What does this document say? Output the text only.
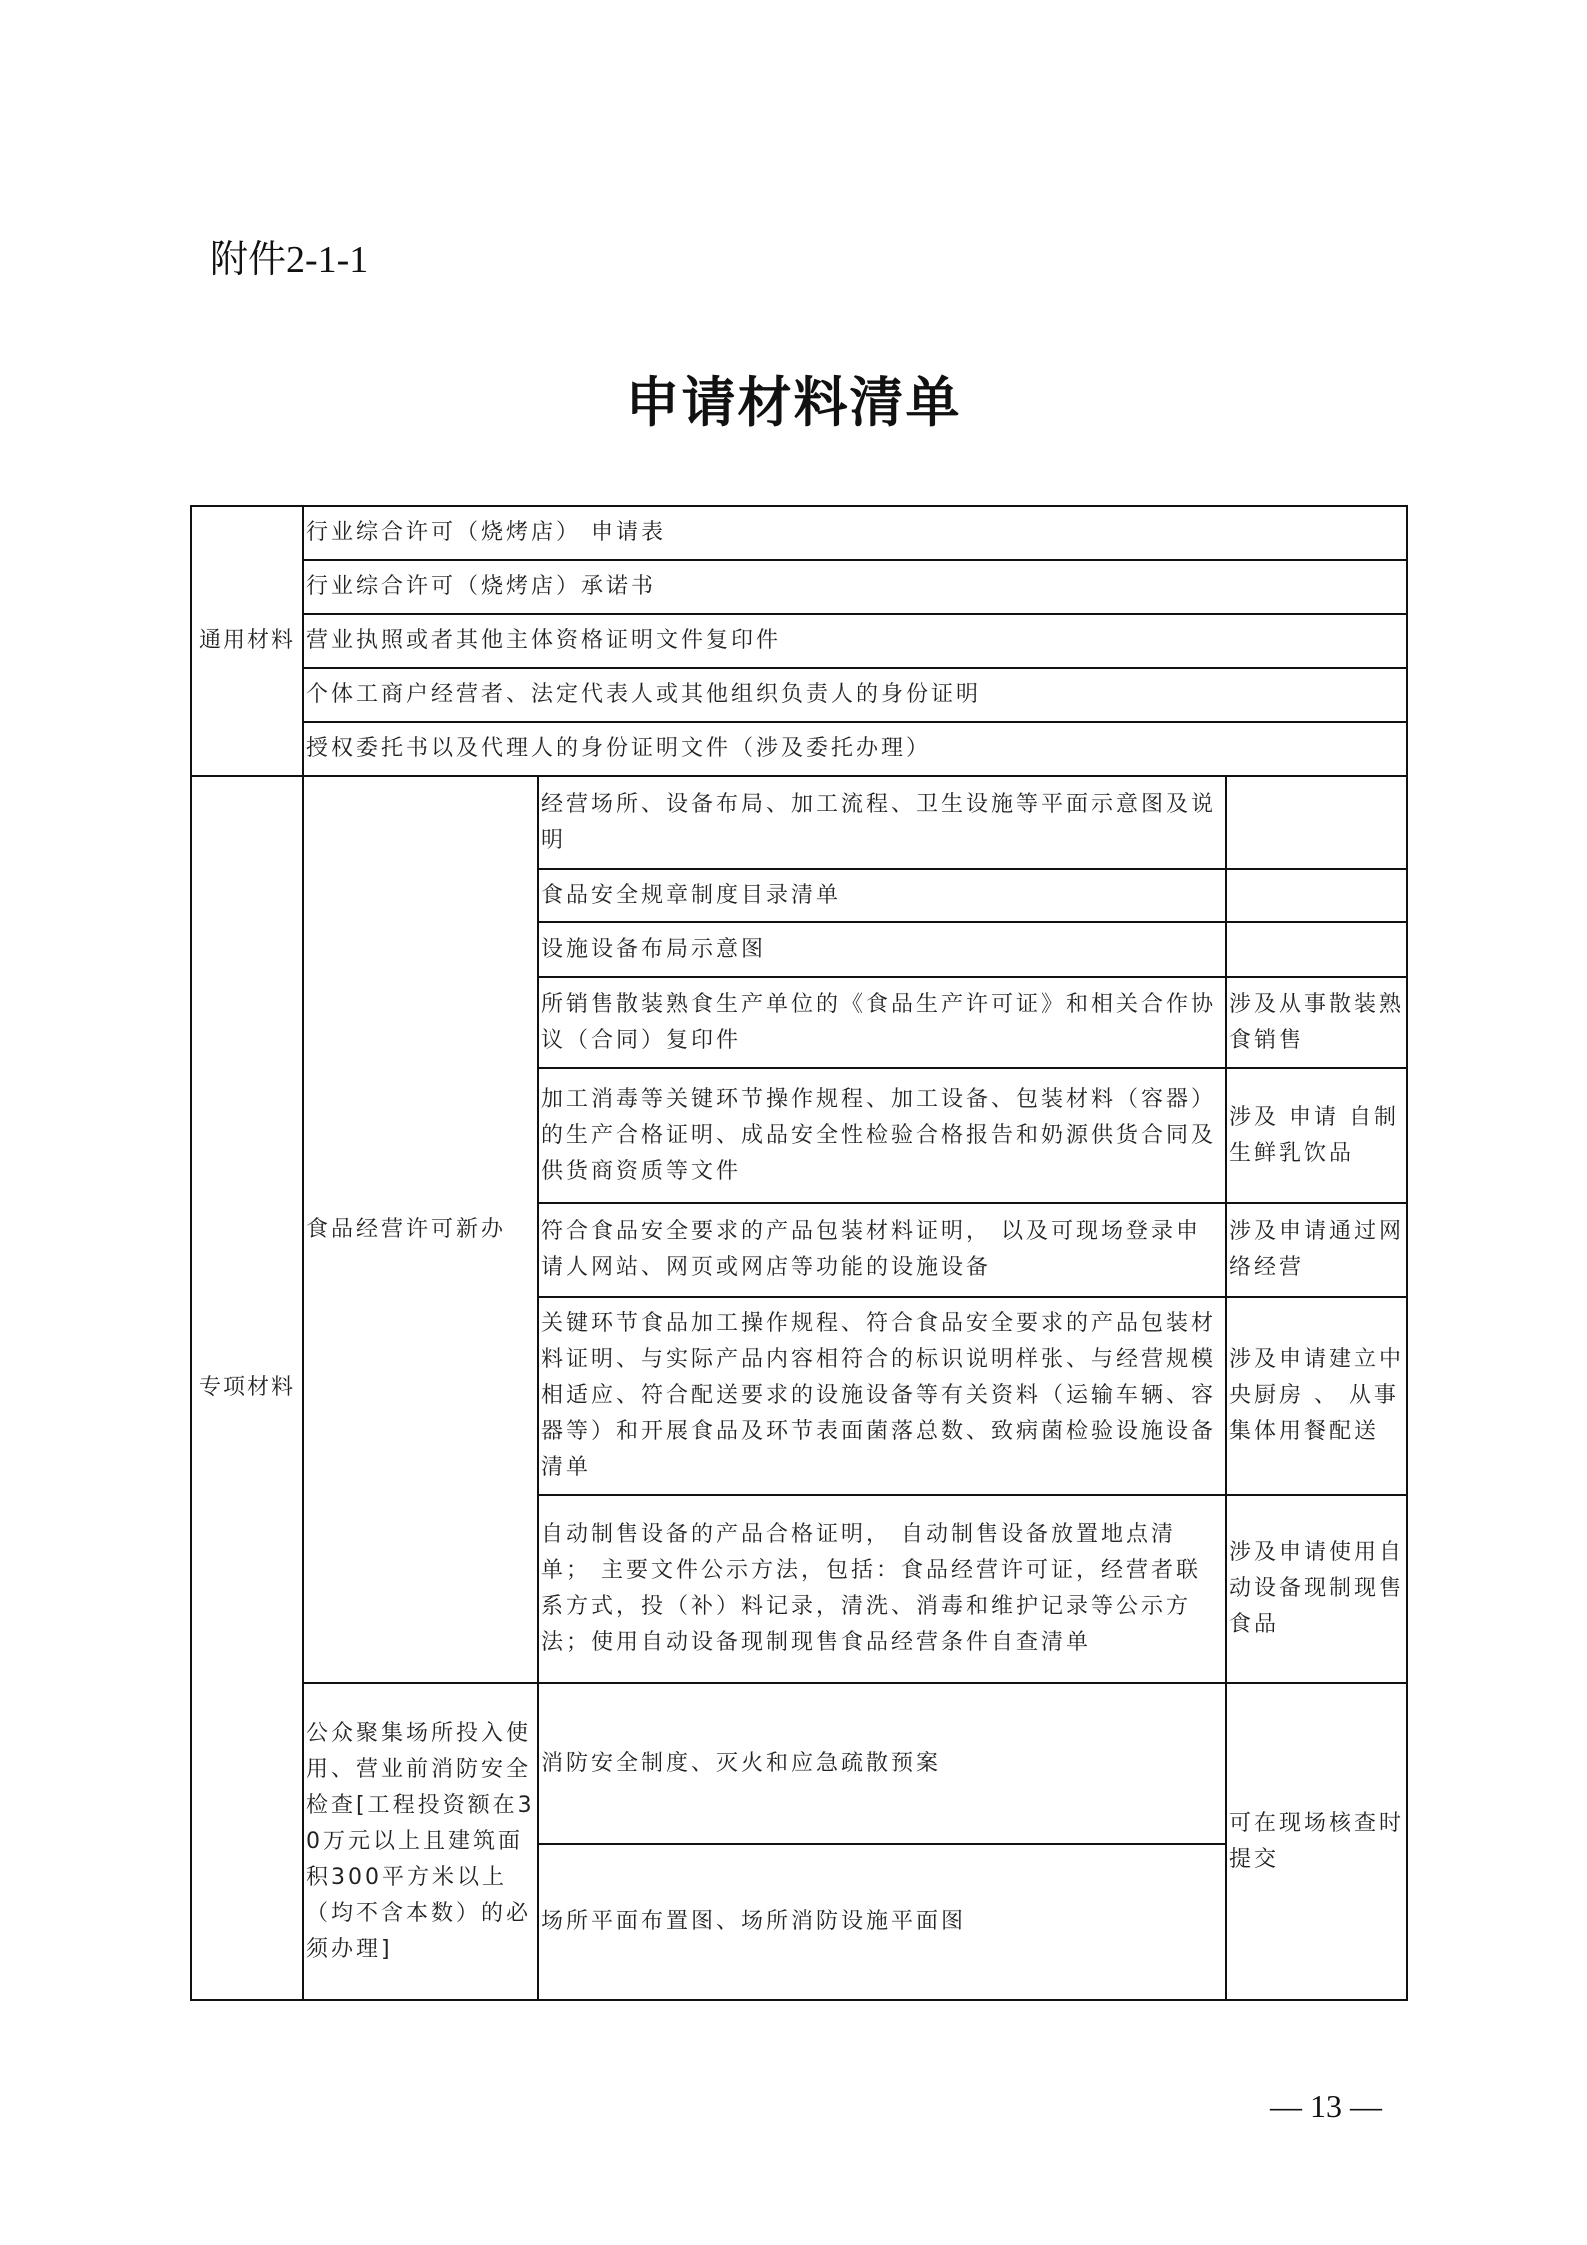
附件2-1-1
申请材料清单
通用材料	行业综合许可（烧烤店） 申请表		
	行业综合许可（烧烤店）承诺书		
	营业执照或者其他主体资格证明文件复印件		
	个体工商户经营者、法定代表人或其他组织负责人的身份证明		
	授权委托书以及代理人的身份证明文件（涉及委托办理）		
专项材料	食品经营许可新办	经营场所、设备布局、加工流程、卫生设施等平面示意图及说明	
		食品安全规章制度目录清单	
		设施设备布局示意图	
		所销售散装熟食生产单位的《食品生产许可证》和相关合作协议（合同）复印件	涉及从事散装熟食销售
		加工消毒等关键环节操作规程、加工设备、包装材料（容器） 的生产合格证明、成品安全性检验合格报告和奶源供货合同及供货商资质等文件	涉及 申请 自制生鲜乳饮品
		符合食品安全要求的产品包装材料证明， 以及可现场登录申请人网站、网页或网店等功能的设施设备	涉及申请通过网络经营
		关键环节食品加工操作规程、符合食品安全要求的产品包装材料证明、与实际产品内容相符合的标识说明样张、与经营规模相适应、符合配送要求的设施设备等有关资料（运输车辆、容器等）和开展食品及环节表面菌落总数、致病菌检验设施设备清单	涉及申请建立中央厨房 、 从事集体用餐配送
		自动制售设备的产品合格证明， 自动制售设备放置地点清单； 主要文件公示方法，包括：食品经营许可证，经营者联系方式，投（补）料记录，清洗、消毒和维护记录等公示方法；使用自动设备现制现售食品经营条件自查清单	涉及申请使用自动设备现制现售食品
	公众聚集场所投入使用、营业前消防安全检查[工程投资额在30万元以上且建筑面积300平方米以上（均不含本数）的必须办理]	消防安全制度、灭火和应急疏散预案	可在现场核查时提交
		场所平面布置图、场所消防设施平面图	
— 13 —
